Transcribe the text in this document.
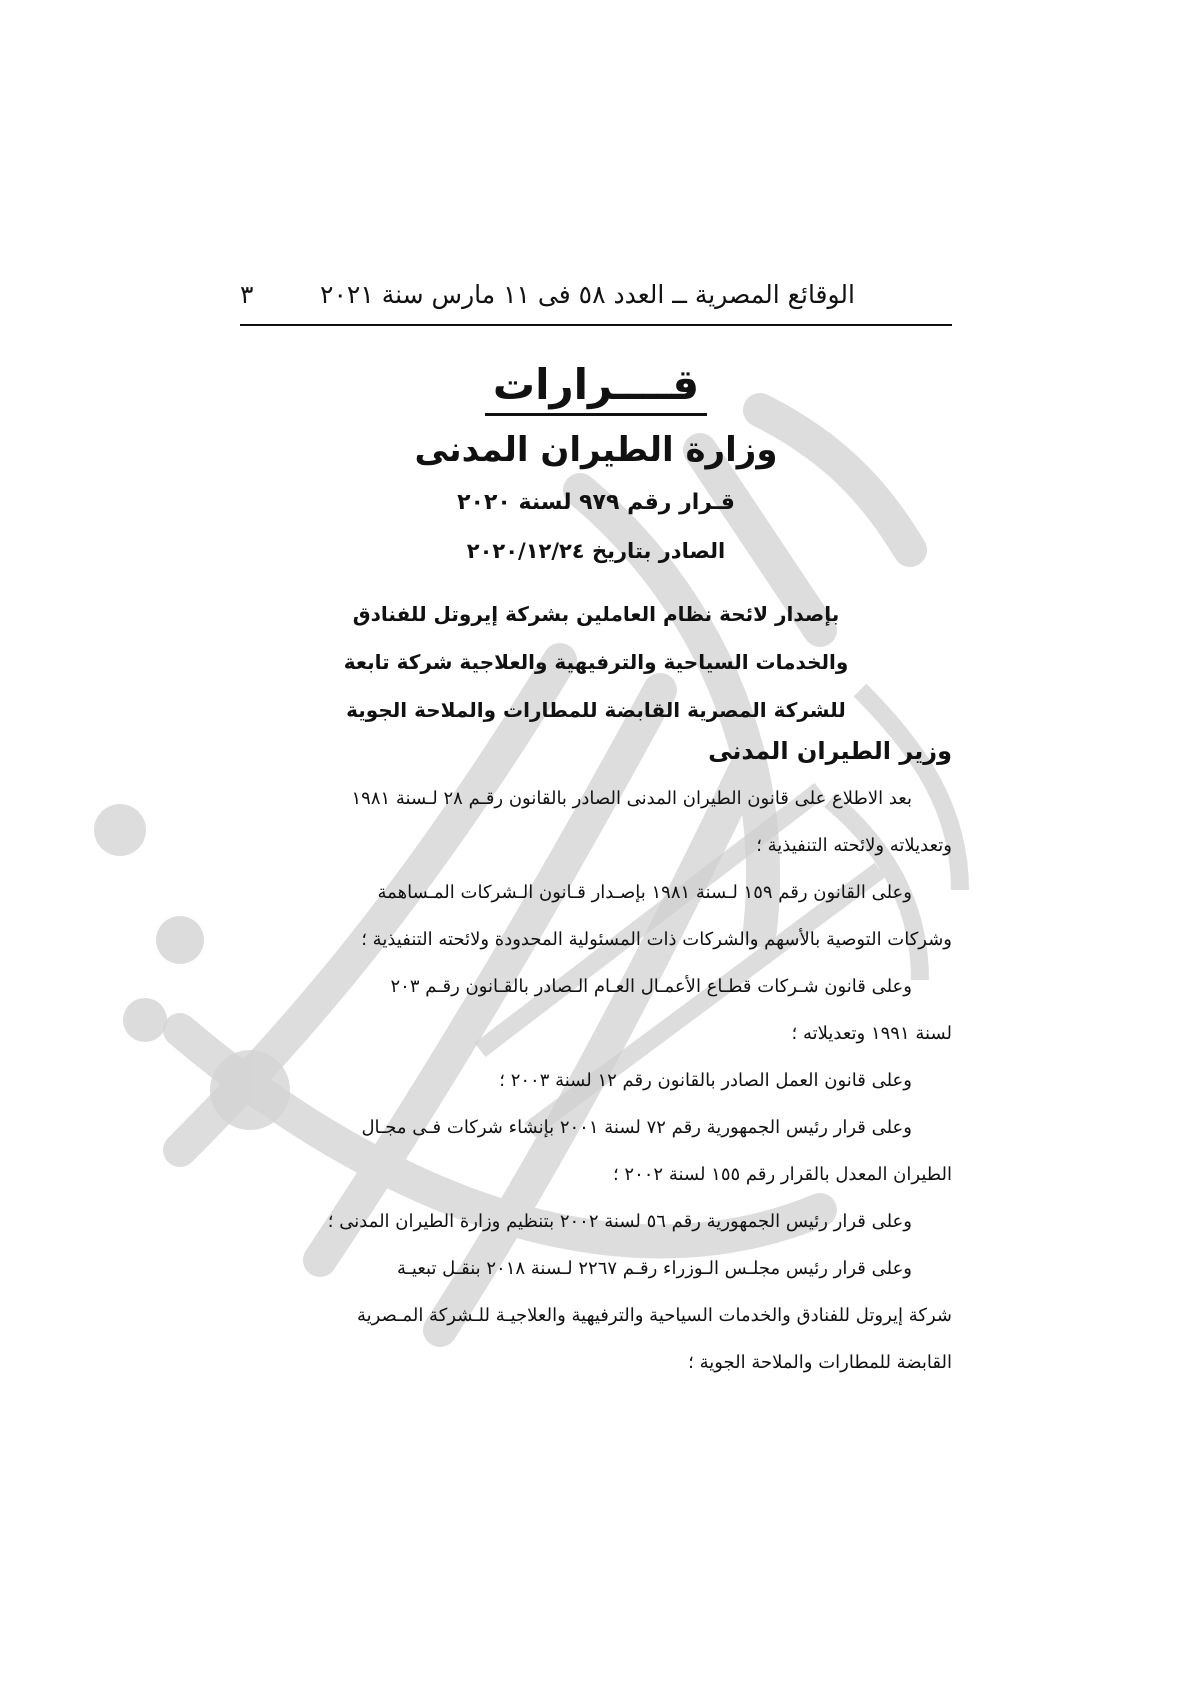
الوقائع المصرية ــ العدد ٥٨ فى ١١ مارس سنة ٢٠٢١
٣
قــــرارات
وزارة الطيران المدنى
قـرار رقم ٩٧٩ لسنة ٢٠٢٠
الصادر بتاريخ ٢٠٢٠/١٢/٢٤
بإصدار لائحة نظام العاملين بشركة إيروتل للفنادق
والخدمات السياحية والترفيهية والعلاجية شركة تابعة
للشركة المصرية القابضة للمطارات والملاحة الجوية
وزير الطيران المدنى

بعد الاطلاع على قانون الطيران المدنى الصادر بالقانون رقـم ٢٨ لـسنة ١٩٨١
وتعديلاته ولائحته التنفيذية ؛

وعلى القانون رقم ١٥٩ لـسنة ١٩٨١ بإصـدار قـانون الـشركات المـساهمة
وشركات التوصية بالأسهم والشركات ذات المسئولية المحدودة ولائحته التنفيذية ؛

وعلى قانون شـركات قطـاع الأعمـال العـام الـصادر بالقـانون رقـم ٢٠٣
لسنة ١٩٩١ وتعديلاته ؛

وعلى قانون العمل الصادر بالقانون رقم ١٢ لسنة ٢٠٠٣ ؛

وعلى قرار رئيس الجمهورية رقم ٧٢ لسنة ٢٠٠١ بإنشاء شركات فـى مجـال
الطيران المعدل بالقرار رقم ١٥٥ لسنة ٢٠٠٢ ؛

وعلى قرار رئيس الجمهورية رقم ٥٦ لسنة ٢٠٠٢ بتنظيم وزارة الطيران المدنى ؛

وعلى قرار رئيس مجلـس الـوزراء رقـم ٢٢٦٧ لـسنة ٢٠١٨ بنقـل تبعيـة
شركة إيروتل للفنادق والخدمات السياحية والترفيهية والعلاجيـة للـشركة المـصرية
القابضة للمطارات والملاحة الجوية ؛
